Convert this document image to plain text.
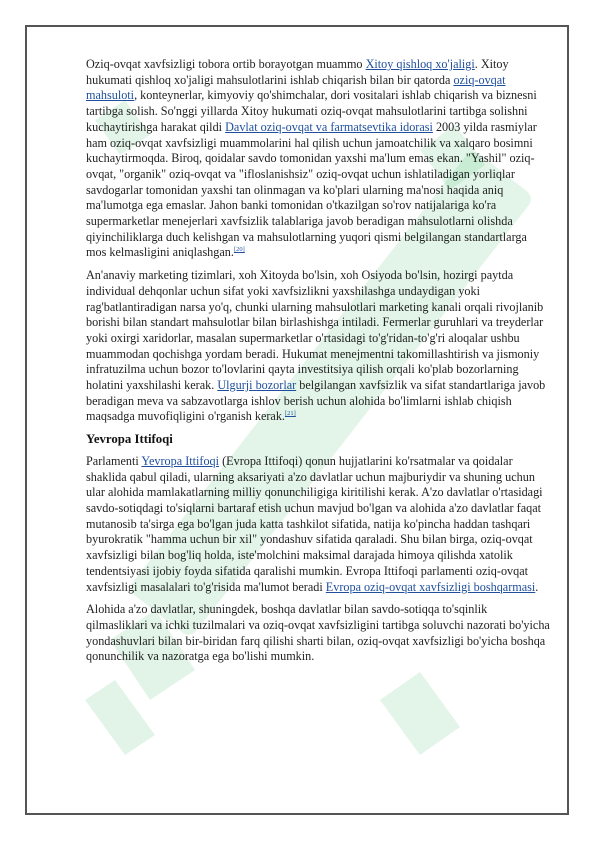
Oziq-ovqat xavfsizligi tobora ortib borayotgan muammo Xitoy qishloq xo'jaligi. Xitoy hukumati qishloq xo'jaligi mahsulotlarini ishlab chiqarish bilan bir qatorda oziq-ovqat mahsuloti, konteynerlar, kimyoviy qo'shimchalar, dori vositalari ishlab chiqarish va biznesni tartibga solish. So'nggi yillarda Xitoy hukumati oziq-ovqat mahsulotlarini tartibga solishni kuchaytirishga harakat qildi Davlat oziq-ovqat va farmatsevtika idorasi 2003 yilda rasmiylar ham oziq-ovqat xavfsizligi muammolarini hal qilish uchun jamoatchilik va xalqaro bosimni kuchaytirmoqda. Biroq, qoidalar savdo tomonidan yaxshi ma'lum emas ekan. "Yashil" oziq-ovqat, "organik" oziq-ovqat va "ifloslanishsiz" oziq-ovqat uchun ishlatiladigan yorliqlar savdogarlar tomonidan yaxshi tan olinmagan va ko'plari ularning ma'nosi haqida aniq ma'lumotga ega emaslar. Jahon banki tomonidan o'tkazilgan so'rov natijalariga ko'ra supermarketlar menejerlari xavfsizlik talablariga javob beradigan mahsulotlarni olishda qiyinchiliklarga duch kelishgan va mahsulotlarning yuqori qismi belgilangan standartlarga mos kelmasligini aniqlashgan.[20]

An'anaviy marketing tizimlari, xoh Xitoyda bo'lsin, xoh Osiyoda bo'lsin, hozirgi paytda individual dehqonlar uchun sifat yoki xavfsizlikni yaxshilashga undaydigan yoki rag'batlantiradigan narsa yo'q, chunki ularning mahsulotlari marketing kanali orqali rivojlanib borishi bilan standart mahsulotlar bilan birlashishga intiladi. Fermerlar guruhlari va treyderlar yoki oxirgi xaridorlar, masalan supermarketlar o'rtasidagi to'g'ridan-to'g'ri aloqalar ushbu muammodan qochishga yordam beradi. Hukumat menejmentni takomillashtirish va jismoniy infratuzilma uchun bozor to'lovlarini qayta investitsiya qilish orqali ko'plab bozorlarning holatini yaxshilashi kerak. Ulgurji bozorlar belgilangan xavfsizlik va sifat standartlariga javob beradigan meva va sabzavotlarga ishlov berish uchun alohida bo'limlarni ishlab chiqish maqsadga muvofiqligini o'rganish kerak.[21]

Yevropa Ittifoqi

Parlamenti Yevropa Ittifoqi (Evropa Ittifoqi) qonun hujjatlarini ko'rsatmalar va qoidalar shaklida qabul qiladi, ularning aksariyati a'zo davlatlar uchun majburiydir va shuning uchun ular alohida mamlakatlarning milliy qonunchiligiga kiritilishi kerak. A'zo davlatlar o'rtasidagi savdo-sotiqdagi to'siqlarni bartaraf etish uchun mavjud bo'lgan va alohida a'zo davlatlar faqat mutanosib ta'sirga ega bo'lgan juda katta tashkilot sifatida, natija ko'pincha haddan tashqari byurokratik "hamma uchun bir xil" yondashuv sifatida qaraladi. Shu bilan birga, oziq-ovqat xavfsizligi bilan bog'liq holda, iste'molchini maksimal darajada himoya qilishda xatolik tendentsiyasi ijobiy foyda sifatida qaralishi mumkin. Evropa Ittifoqi parlamenti oziq-ovqat xavfsizligi masalalari to'g'risida ma'lumot beradi Evropa oziq-ovqat xavfsizligi boshqarmasi.

Alohida a'zo davlatlar, shuningdek, boshqa davlatlar bilan savdo-sotiqqa to'sqinlik qilmasliklari va ichki tuzilmalari va oziq-ovqat xavfsizligini tartibga soluvchi nazorati bo'yicha yondashuvlari bilan bir-biridan farq qilishi sharti bilan, oziq-ovqat xavfsizligi bo'yicha boshqa qonunchilik va nazoratga ega bo'lishi mumkin.
